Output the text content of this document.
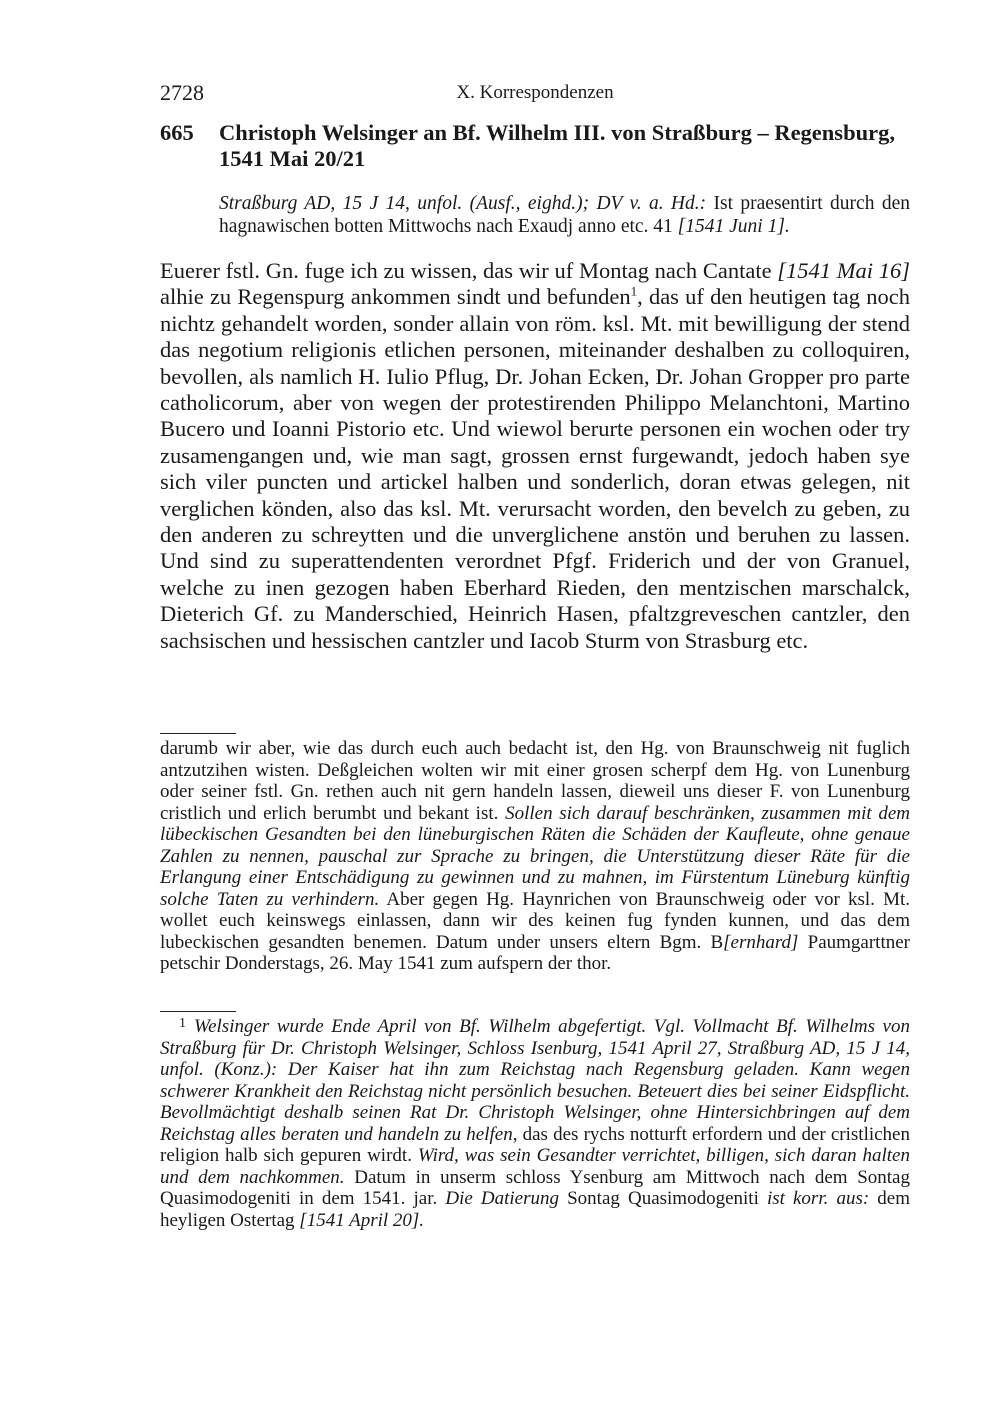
2728	X. Korrespondenzen
665 Christoph Welsinger an Bf. Wilhelm III. von Straßburg – Regensburg, 1541 Mai 20/21
Straßburg AD, 15 J 14, unfol. (Ausf., eighd.); DV v. a. Hd.: Ist praesentirt durch den hagnawischen botten Mittwochs nach Exaudj anno etc. 41 [1541 Juni 1].
Euerer fstl. Gn. fuge ich zu wissen, das wir uf Montag nach Cantate [1541 Mai 16] alhie zu Regenspurg ankommen sindt und befunden$^1$, das uf den heutigen tag noch nichtz gehandelt worden, sonder allain von röm. ksl. Mt. mit bewilligung der stend das negotium religionis etlichen personen, miteinander deshalben zu colloquiren, bevollen, als namlich H. Iulio Pflug, Dr. Johan Ecken, Dr. Johan Gropper pro parte catholicorum, aber von wegen der protestirenden Philippo Melanchtoni, Martino Bucero und Ioanni Pistorio etc. Und wiewol berurte personen ein wochen oder try zusamengangen und, wie man sagt, grossen ernst furgewandt, jedoch haben sye sich viler puncten und artickel halben und sonderlich, doran etwas gelegen, nit verglichen könden, also das ksl. Mt. verursacht worden, den bevelch zu geben, zu den anderen zu schreytten und die unverglichene anstön und beruhen zu lassen. Und sind zu superattendenten verordnet Pfgf. Friderich und der von Granuel, welche zu inen gezogen haben Eberhard Rieden, den mentzischen marschalck, Dieterich Gf. zu Manderschied, Heinrich Hasen, pfaltzgreveschen cantzler, den sachsischen und hessischen cantzler und Iacob Sturm von Strasburg etc.
darumb wir aber, wie das durch euch auch bedacht ist, den Hg. von Braunschweig nit fuglich antzutzihen wisten. Deßgleichen wolten wir mit einer grosen scherpf dem Hg. von Lunenburg oder seiner fstl. Gn. rethen auch nit gern handeln lassen, dieweil uns dieser F. von Lunenburg cristlich und erlich berumbt und bekant ist. Sollen sich darauf beschränken, zusammen mit dem lübeckischen Gesandten bei den lüneburgischen Räten die Schäden der Kaufleute, ohne genaue Zahlen zu nennen, pauschal zur Sprache zu bringen, die Unterstützung dieser Räte für die Erlangung einer Entschädigung zu gewinnen und zu mahnen, im Fürstentum Lüneburg künftig solche Taten zu verhindern. Aber gegen Hg. Haynrichen von Braunschweig oder vor ksl. Mt. wollet euch keinswegs einlassen, dann wir des keinen fug fynden kunnen, und das dem lubeckischen gesandten benemen. Datum under unsers eltern Bgm. B[ernhard] Paumgarttner petschir Donderstags, 26. May 1541 zum aufspern der thor.
1 Welsinger wurde Ende April von Bf. Wilhelm abgefertigt. Vgl. Vollmacht Bf. Wilhelms von Straßburg für Dr. Christoph Welsinger, Schloss Isenburg, 1541 April 27, Straßburg AD, 15 J 14, unfol. (Konz.): Der Kaiser hat ihn zum Reichstag nach Regensburg geladen. Kann wegen schwerer Krankheit den Reichstag nicht persönlich besuchen. Beteuert dies bei seiner Eidspflicht. Bevollmächtigt deshalb seinen Rat Dr. Christoph Welsinger, ohne Hintersichbringen auf dem Reichstag alles beraten und handeln zu helfen, das des rychs notturft erfordern und der cristlichen religion halb sich gepuren wirdt. Wird, was sein Gesandter verrichtet, billigen, sich daran halten und dem nachkommen. Datum in unserm schloss Ysenburg am Mittwoch nach dem Sontag Quasimodogeniti in dem 1541. jar. Die Datierung Sontag Quasimodogeniti ist korr. aus: dem heyligen Ostertag [1541 April 20].
